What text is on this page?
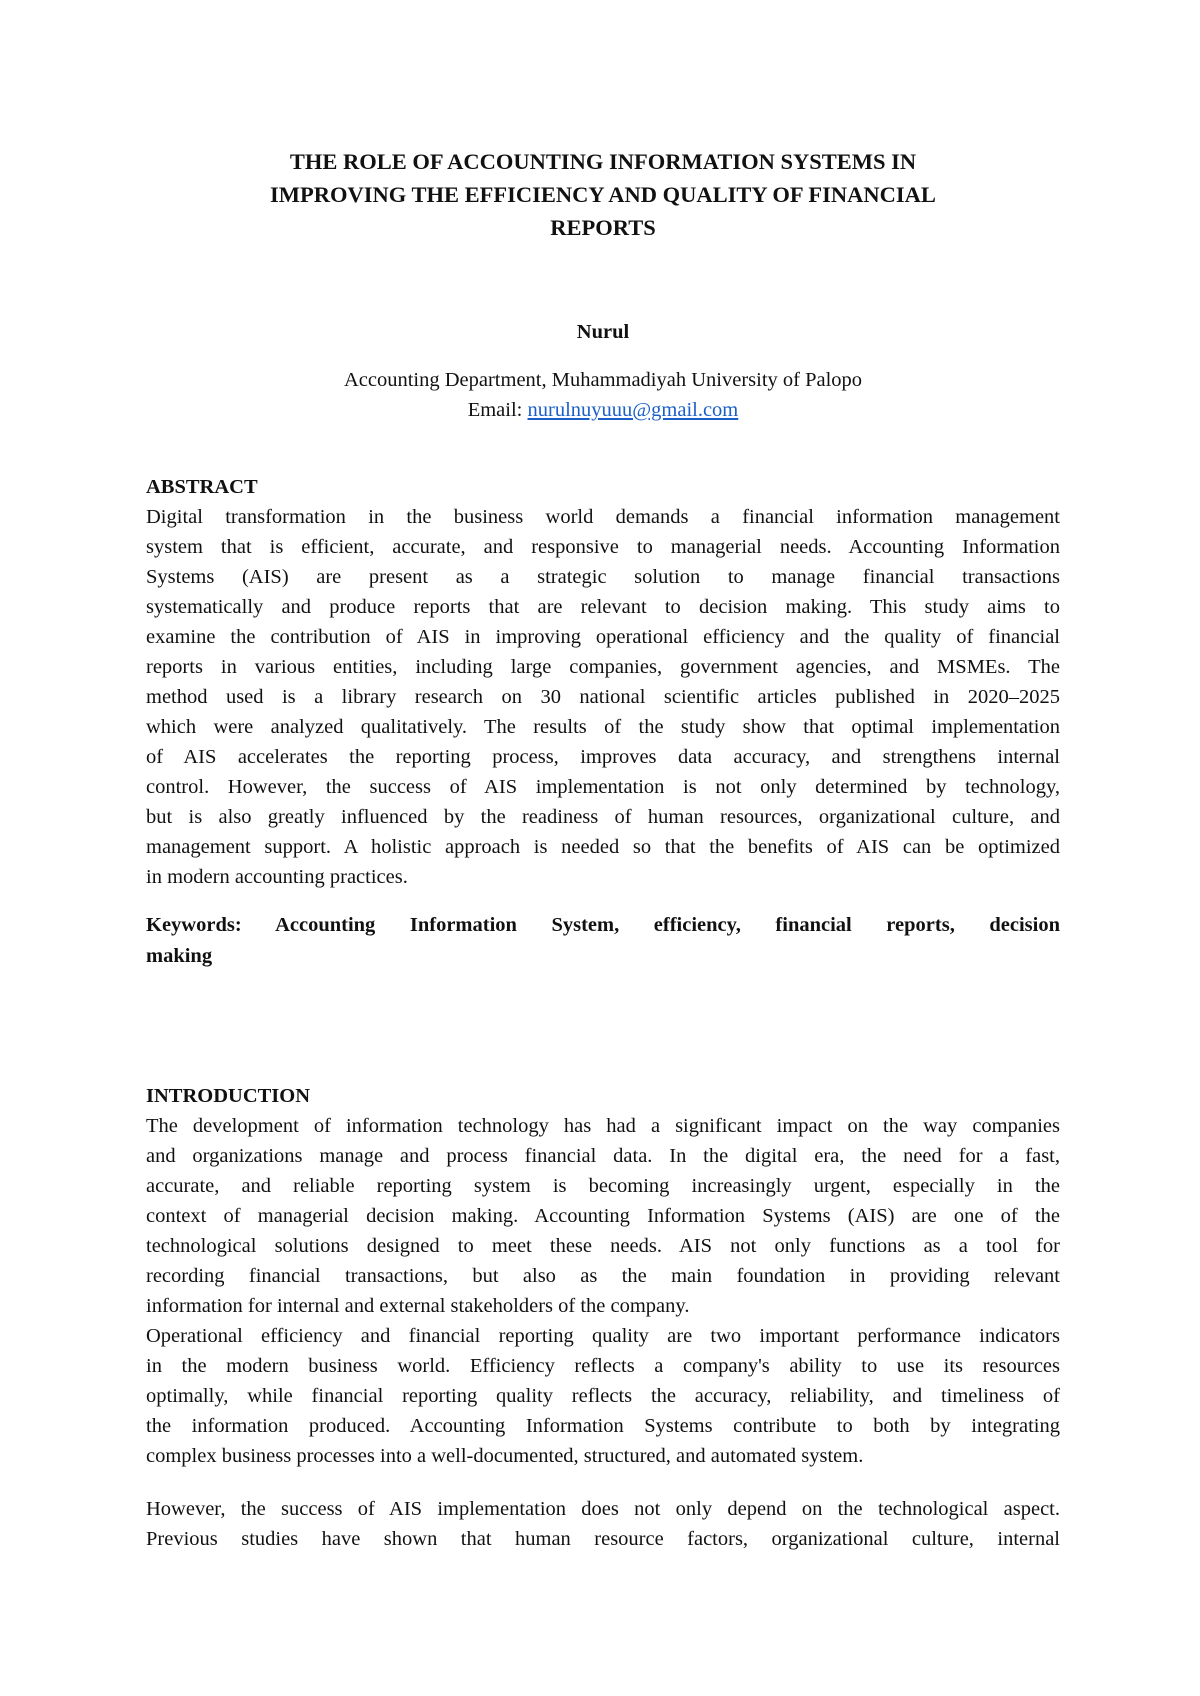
THE ROLE OF ACCOUNTING INFORMATION SYSTEMS IN
IMPROVING THE EFFICIENCY AND QUALITY OF FINANCIAL
REPORTS

Nurul

Accounting Department, Muhammadiyah University of Palopo
Email: nurulnuyuuu@gmail.com
ABSTRACT
Digital transformation in the business world demands a financial information management
system that is efficient, accurate, and responsive to managerial needs. Accounting Information
Systems (AIS) are present as a strategic solution to manage financial transactions
systematically and produce reports that are relevant to decision making. This study aims to
examine the contribution of AIS in improving operational efficiency and the quality of financial
reports in various entities, including large companies, government agencies, and MSMEs. The
method used is a library research on 30 national scientific articles published in 2020–2025
which were analyzed qualitatively. The results of the study show that optimal implementation
of AIS accelerates the reporting process, improves data accuracy, and strengthens internal
control. However, the success of AIS implementation is not only determined by technology,
but is also greatly influenced by the readiness of human resources, organizational culture, and
management support. A holistic approach is needed so that the benefits of AIS can be optimized
in modern accounting practices.
Keywords: Accounting Information System, efficiency, financial reports, decision
making
INTRODUCTION
The development of information technology has had a significant impact on the way companies
and organizations manage and process financial data. In the digital era, the need for a fast,
accurate, and reliable reporting system is becoming increasingly urgent, especially in the
context of managerial decision making. Accounting Information Systems (AIS) are one of the
technological solutions designed to meet these needs. AIS not only functions as a tool for
recording financial transactions, but also as the main foundation in providing relevant
information for internal and external stakeholders of the company.
Operational efficiency and financial reporting quality are two important performance indicators
in the modern business world. Efficiency reflects a company's ability to use its resources
optimally, while financial reporting quality reflects the accuracy, reliability, and timeliness of
the information produced. Accounting Information Systems contribute to both by integrating
complex business processes into a well-documented, structured, and automated system.
However, the success of AIS implementation does not only depend on the technological aspect.
Previous studies have shown that human resource factors, organizational culture, internal
